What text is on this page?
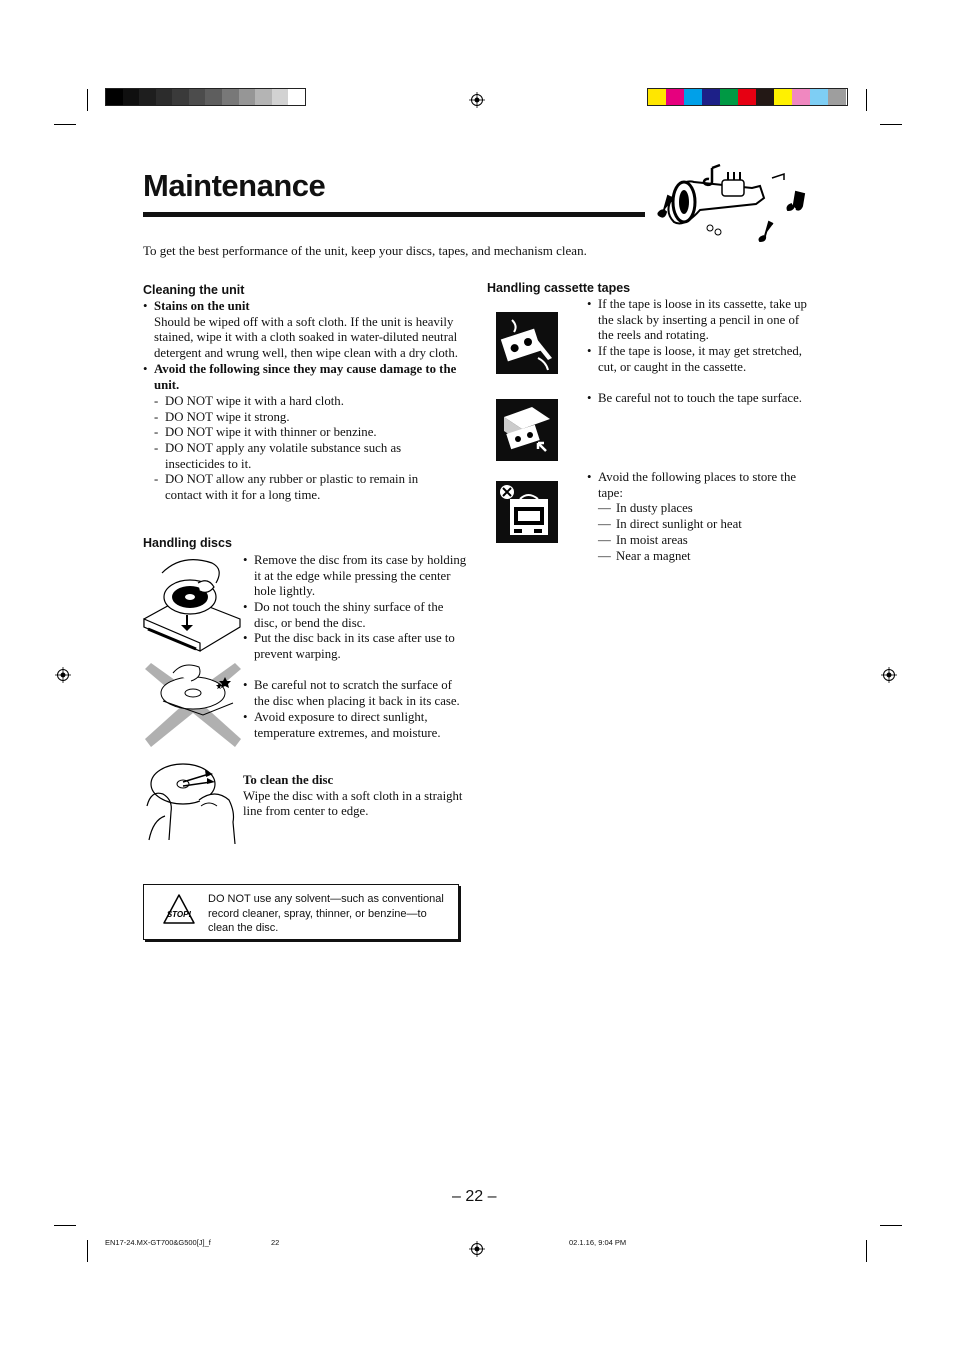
Maintenance

To get the best performance of the unit, keep your discs, tapes, and mechanism clean.

Cleaning the unit
• Stains on the unit
Should be wiped off with a soft cloth. If the unit is heavily stained, wipe it with a cloth soaked in water-diluted neutral detergent and wrung well, then wipe clean with a dry cloth.
• Avoid the following since they may cause damage to the unit.
- DO NOT wipe it with a hard cloth.
- DO NOT wipe it strong.
- DO NOT wipe it with thinner or benzine.
- DO NOT apply any volatile substance such as insecticides to it.
- DO NOT allow any rubber or plastic to remain in contact with it for a long time.
Handling discs
• Remove the disc from its case by holding it at the edge while pressing the center hole lightly.
• Do not touch the shiny surface of the disc, or bend the disc.
• Put the disc back in its case after use to prevent warping.
• Be careful not to scratch the surface of the disc when placing it back in its case.
• Avoid exposure to direct sunlight, temperature extremes, and moisture.
To clean the disc
Wipe the disc with a soft cloth in a straight line from center to edge.
STOP!
DO NOT use any solvent—such as conventional record cleaner, spray, thinner, or benzine—to clean the disc.
Handling cassette tapes
• If the tape is loose in its cassette, take up the slack by inserting a pencil in one of the reels and rotating.
• If the tape is loose, it may get stretched, cut, or caught in the cassette.
• Be careful not to touch the tape surface.
• Avoid the following places to store the tape:
— In dusty places
— In direct sunlight or heat
— In moist areas
— Near a magnet
– 22 –
EN17-24.MX-GT700&G500[J]_f	22	02.1.16, 9:04 PM
